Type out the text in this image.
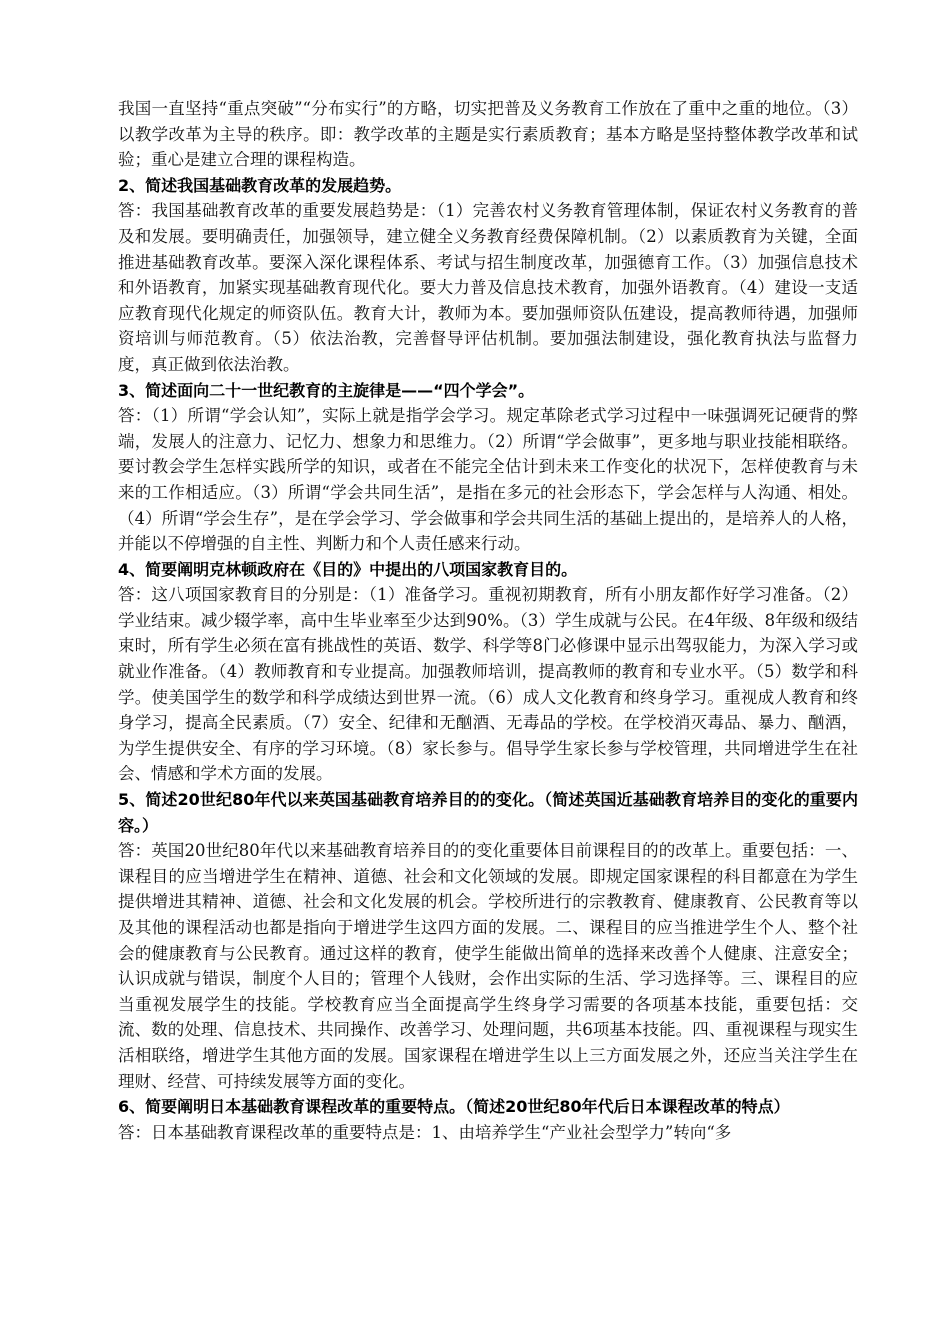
我国一直坚持“重点突破”“分布实行”的方略，切实把普及义务教育工作放在了重中之重的地位。（3）以教学改革为主导的秩序。即：教学改革的主题是实行素质教育；基本方略是坚持整体教学改革和试验；重心是建立合理的课程构造。

2、简述我国基础教育改革的发展趋势。

答：我国基础教育改革的重要发展趋势是：（1）完善农村义务教育管理体制，保证农村义务教育的普及和发展。要明确责任，加强领导，建立健全义务教育经费保障机制。（2）以素质教育为关键，全面推进基础教育改革。要深入深化课程体系、考试与招生制度改革，加强德育工作。（3）加强信息技术和外语教育，加紧实现基础教育现代化。要大力普及信息技术教育，加强外语教育。（4）建设一支适应教育现代化规定的师资队伍。教育大计，教师为本。要加强师资队伍建设，提高教师待遇，加强师资培训与师范教育。（5）依法治教，完善督导评估机制。要加强法制建设，强化教育执法与监督力度，真正做到依法治教。

3、简述面向二十一世纪教育的主旋律是——“四个学会”。

答：（1）所谓“学会认知”，实际上就是指学会学习。规定革除老式学习过程中一味强调死记硬背的弊端，发展人的注意力、记忆力、想象力和思维力。（2）所谓“学会做事”，更多地与职业技能相联络。要讨教会学生怎样实践所学的知识，或者在不能完全估计到未来工作变化的状况下，怎样使教育与未来的工作相适应。（3）所谓“学会共同生活”，是指在多元的社会形态下，学会怎样与人沟通、相处。（4）所谓“学会生存”，是在学会学习、学会做事和学会共同生活的基础上提出的，是培养人的人格，并能以不停增强的自主性、判断力和个人责任感来行动。

4、简要阐明克林顿政府在《目的》中提出的八项国家教育目的。

答：这八项国家教育目的分别是：（1）准备学习。重视初期教育，所有小朋友都作好学习准备。（2）学业结束。减少辍学率，高中生毕业率至少达到90%。（3）学生成就与公民。在4年级、8年级和级结束时，所有学生必须在富有挑战性的英语、数学、科学等8门必修课中显示出驾驭能力，为深入学习或就业作准备。（4）教师教育和专业提高。加强教师培训，提高教师的教育和专业水平。（5）数学和科学。使美国学生的数学和科学成绩达到世界一流。（6）成人文化教育和终身学习。重视成人教育和终身学习，提高全民素质。（7）安全、纪律和无酗酒、无毒品的学校。在学校消灭毒品、暴力、酗酒，为学生提供安全、有序的学习环境。（8）家长参与。倡导学生家长参与学校管理，共同增进学生在社会、情感和学术方面的发展。

5、简述20世纪80年代以来英国基础教育培养目的的变化。（简述英国近基础教育培养目的变化的重要内容。）

答：英国20世纪80年代以来基础教育培养目的的变化重要体目前课程目的的改革上。重要包括：一、课程目的应当增进学生在精神、道德、社会和文化领域的发展。即规定国家课程的科目都意在为学生提供增进其精神、道德、社会和文化发展的机会。学校所进行的宗教教育、健康教育、公民教育等以及其他的课程活动也都是指向于增进学生这四方面的发展。二、课程目的应当推进学生个人、整个社会的健康教育与公民教育。通过这样的教育，使学生能做出简单的选择来改善个人健康、注意安全；认识成就与错误，制度个人目的；管理个人钱财，会作出实际的生活、学习选择等。三、课程目的应当重视发展学生的技能。学校教育应当全面提高学生终身学习需要的各项基本技能，重要包括：交流、数的处理、信息技术、共同操作、改善学习、处理问题，共6项基本技能。四、重视课程与现实生活相联络，增进学生其他方面的发展。国家课程在增进学生以上三方面发展之外，还应当关注学生在理财、经营、可持续发展等方面的变化。

6、简要阐明日本基础教育课程改革的重要特点。（简述20世纪80年代后日本课程改革的特点）

答：日本基础教育课程改革的重要特点是：1、由培养学生“产业社会型学力”转向“多
